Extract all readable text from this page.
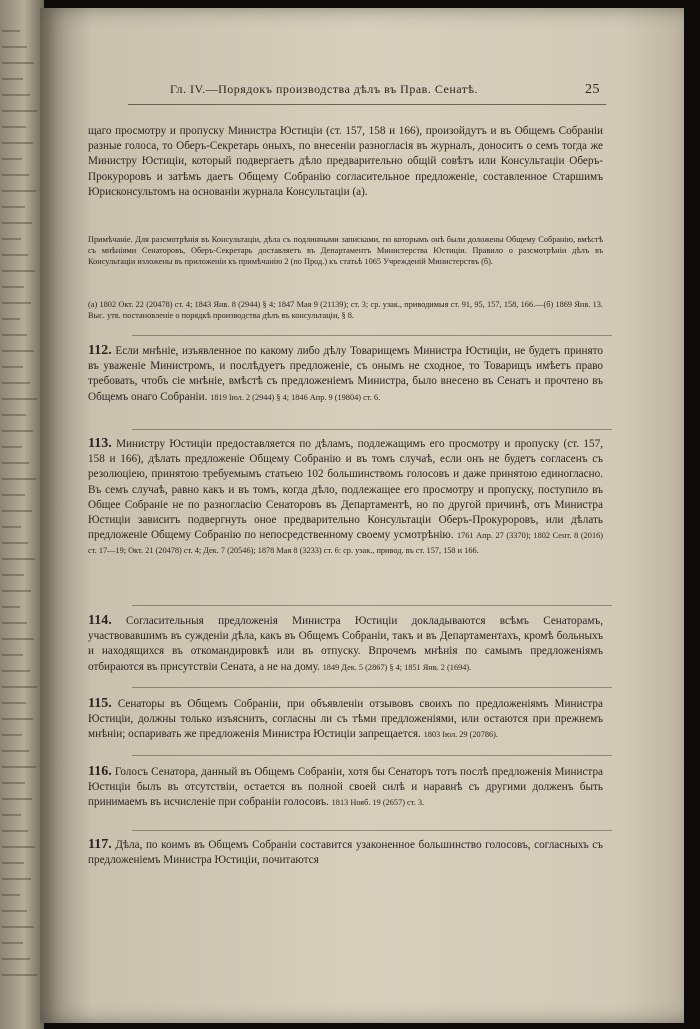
Гл. IV.—Порядокъ производства дѣлъ въ Прав. Сенатѣ.	25

щаго просмотру и пропуску Министра Юстиціи (ст. 157, 158 и 166), произойдутъ и въ Общемъ Собраніи разные голоса, то Оберъ-Секретарь оныхъ, по внесеніи разногласія въ журналъ, доноситъ о семъ тогда же Министру Юстиціи, который подвергаетъ дѣло предварительно общій совѣтъ или Консультаціи Оберъ-Прокуроровъ и затѣмъ даетъ Общему Собранію согласительное предложеніе, составленное Старшимъ Юрисконсультомъ на основаніи журнала Консультаціи (а).

Примѣчаніе. Для разсмотрѣнія въ Консультаціи, дѣла съ подлинными записками, по которымъ онѣ были доложены Общему Собранію, вмѣстѣ съ мнѣніями Сенаторовъ, Оберъ-Секретарь доставляетъ въ Департаментъ Министерства Юстиціи. Правило о разсмотрѣніи дѣлъ въ Консультаціи изложены въ приложеніи къ примѣчанію 2 (по Прод.) къ статьѣ 1065 Учрежденій Министерствъ (б).

(а) 1802 Окт. 22 (20478) ст. 4; 1843 Янв. 8 (2944) § 4; 1847 Мая 9 (21139); ст. 3; ср. узак., приводимыя ст. 91, 95, 157, 158, 166.—(б) 1869 Янв. 13. Выс. утв. постановленіе о порядкѣ производства дѣлъ въ консультаціи, § 8.

112. Если мнѣніе, изъявленное по какому либо дѣлу Товарищемъ Министра Юстиціи, не будетъ принято въ уваженіе Министромъ, и послѣдуетъ предложеніе, съ онымъ не сходное, то Товарищъ имѣетъ право требовать, чтобъ сіе мнѣніе, вмѣстѣ съ предложеніемъ Министра, было внесено въ Сенатъ и прочтено въ Общемъ онаго Собраніи. 1819 Іюл. 2 (2944) § 4; 1846 Апр. 9 (19804) ст. 6.
113. Министру Юстиціи предоставляется по дѣламъ, подлежащимъ его просмотру и пропуску (ст. 157, 158 и 166), дѣлать предложеніе Общему Собранію и въ томъ случаѣ, если онъ не будетъ согласенъ съ резолюціею, принятою требуемымъ статьею 102 большинствомъ голосовъ и даже принятою единогласно. Въ семъ случаѣ, равно какъ и въ томъ, когда дѣло, подлежащее его просмотру и пропуску, поступило въ Общее Собраніе не по разногласію Сенаторовъ въ Департаментѣ, но по другой причинѣ, отъ Министра Юстиціи зависитъ подвергнуть оное предварительно Консультаціи Оберъ-Прокуроровъ, или дѣлать предложеніе Общему Собранію по непосредственному своему усмотрѣнію. 1761 Апр. 27 (3370); 1802 Сент. 8 (2016) ст. 17—19; Окт. 21 (20478) ст. 4; Дек. 7 (20546); 1878 Мая 8 (3233) ст. 6: ср. узак., привод. въ ст. 157, 158 и 166.
114. Согласительныя предложенія Министра Юстиціи докладываются всѣмъ Сенаторамъ, участвовавшимъ въ сужденіи дѣла, какъ въ Общемъ Собраніи, такъ и въ Департаментахъ, кромѣ больныхъ и находящихся въ откомандировкѣ или въ отпуску. Впрочемъ мнѣнія по самымъ предложеніямъ отбираются въ присутствіи Сената, а не на дому. 1849 Дек. 5 (2867) § 4; 1851 Янв. 2 (1694).
115. Сенаторы въ Общемъ Собраніи, при объявленіи отзывовъ своихъ по предложеніямъ Министра Юстиціи, должны только изъяснить, согласны ли съ тѣми предложеніями, или остаются при прежнемъ мнѣніи; оспаривать же предложенія Министра Юстиціи запрещается. 1803 Іюл. 29 (20786).
116. Голосъ Сенатора, данный въ Общемъ Собраніи, хотя бы Сенаторъ тотъ послѣ предложенія Министра Юстиціи былъ въ отсутствіи, остается въ полной своей силѣ и наравнѣ съ другими долженъ быть принимаемъ въ исчисленіе при собраніи голосовъ. 1813 Нояб. 19 (2657) ст. 3.
117. Дѣла, по коимъ въ Общемъ Собраніи составится узаконенное большинство голосовъ, согласныхъ съ предложеніемъ Министра Юстиціи, почитаются
